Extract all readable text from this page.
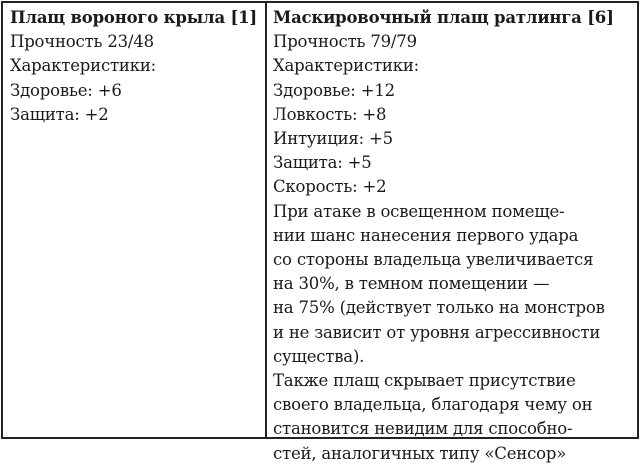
Плащ вороного крыла [1]
Прочность 23/48
Характеристики:
Здоровье: +6
Защита: +2
Маскировочный плащ ратлинга [6]
Прочность 79/79
Характеристики:
Здоровье: +12
Ловкость: +8
Интуиция: +5
Защита: +5
Скорость: +2
При атаке в освещенном помеще-
нии шанс нанесения первого удара
со стороны владельца увеличивается
на 30%, в темном помещении —
на 75% (действует только на монстров
и не зависит от уровня агрессивности
существа).
Также плащ скрывает присутствие
своего владельца, благодаря чему он
становится невидим для способно-
стей, аналогичных типу «Сенсор»
